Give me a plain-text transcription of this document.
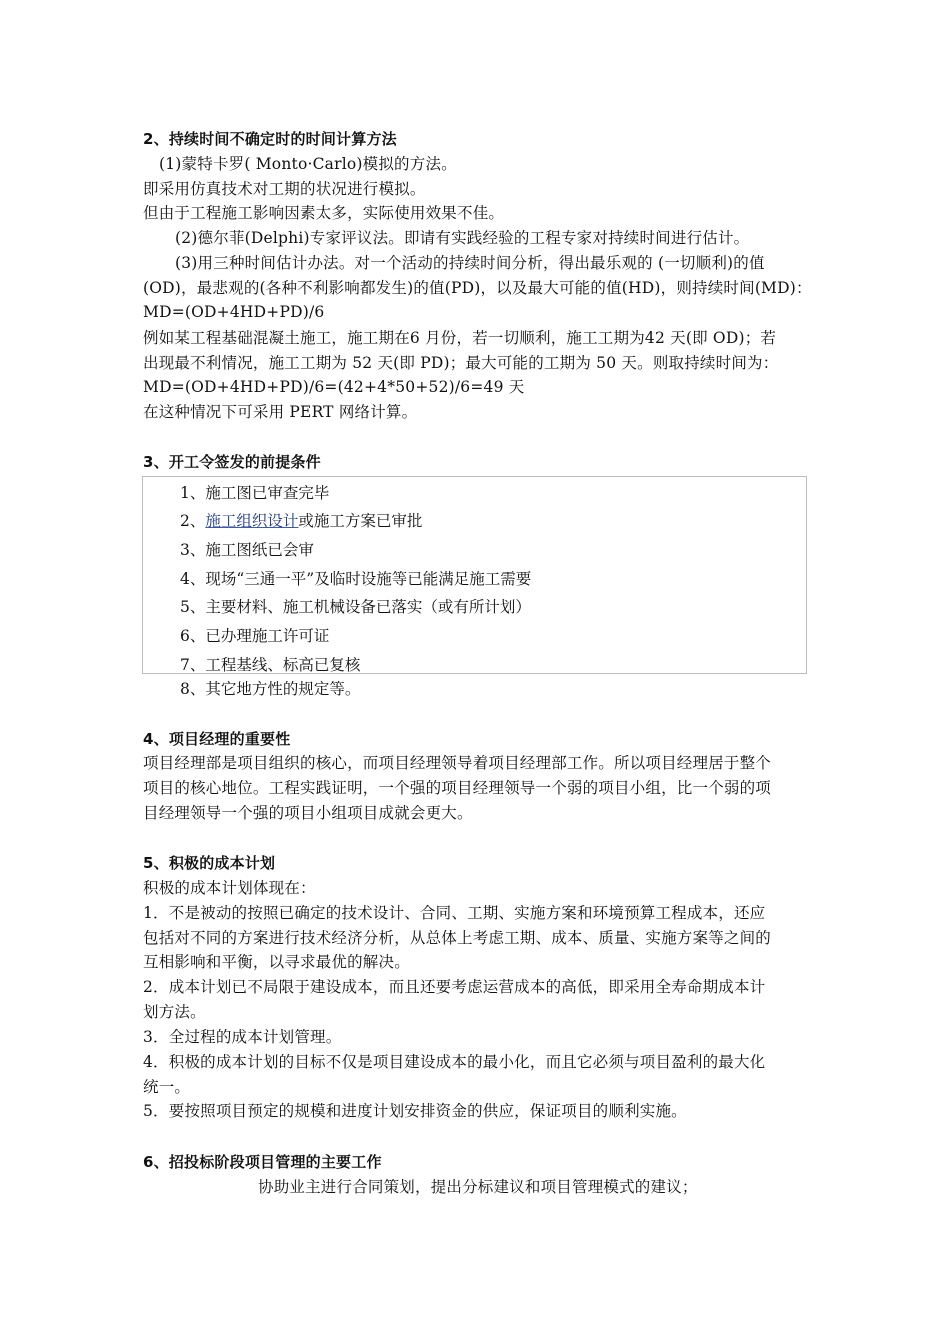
2、持续时间不确定时的时间计算方法
(1)蒙特卡罗( Monto·Carlo)模拟的方法。
即采用仿真技术对工期的状况进行模拟。
但由于工程施工影响因素太多，实际使用效果不佳。
(2)德尔菲(Delphi)专家评议法。即请有实践经验的工程专家对持续时间进行估计。
(3)用三种时间估计办法。对一个活动的持续时间分析，得出最乐观的 (一切顺利)的值
(OD)，最悲观的(各种不利影响都发生)的值(PD)，以及最大可能的值(HD)，则持续时间(MD)：
MD=(OD+4HD+PD)/6
例如某工程基础混凝土施工，施工期在6 月份，若一切顺利，施工工期为42 天(即 OD)；若
出现最不利情况，施工工期为 52 天(即 PD)；最大可能的工期为 50 天。则取持续时间为：
MD=(OD+4HD+PD)/6=(42+4*50+52)/6=49 天
在这种情况下可采用 PERT 网络计算。
3、开工令签发的前提条件
1、施工图已审查完毕
2、施工组织设计或施工方案已审批
3、施工图纸已会审
4、现场“三通一平”及临时设施等已能满足施工需要
5、主要材料、施工机械设备已落实（或有所计划）
6、已办理施工许可证
7、工程基线、标高已复核
8、其它地方性的规定等。
4、项目经理的重要性
项目经理部是项目组织的核心，而项目经理领导着项目经理部工作。所以项目经理居于整个
项目的核心地位。工程实践证明，一个强的项目经理领导一个弱的项目小组，比一个弱的项
目经理领导一个强的项目小组项目成就会更大。
5、积极的成本计划
积极的成本计划体现在：
1．不是被动的按照已确定的技术设计、合同、工期、实施方案和环境预算工程成本，还应
包括对不同的方案进行技术经济分析，从总体上考虑工期、成本、质量、实施方案等之间的
互相影响和平衡，以寻求最优的解决。
2．成本计划已不局限于建设成本，而且还要考虑运营成本的高低，即采用全寿命期成本计
划方法。
3．全过程的成本计划管理。
4．积极的成本计划的目标不仅是项目建设成本的最小化，而且它必须与项目盈利的最大化
统一。
5．要按照项目预定的规模和进度计划安排资金的供应，保证项目的顺利实施。
6、招投标阶段项目管理的主要工作
协助业主进行合同策划，提出分标建议和项目管理模式的建议；
